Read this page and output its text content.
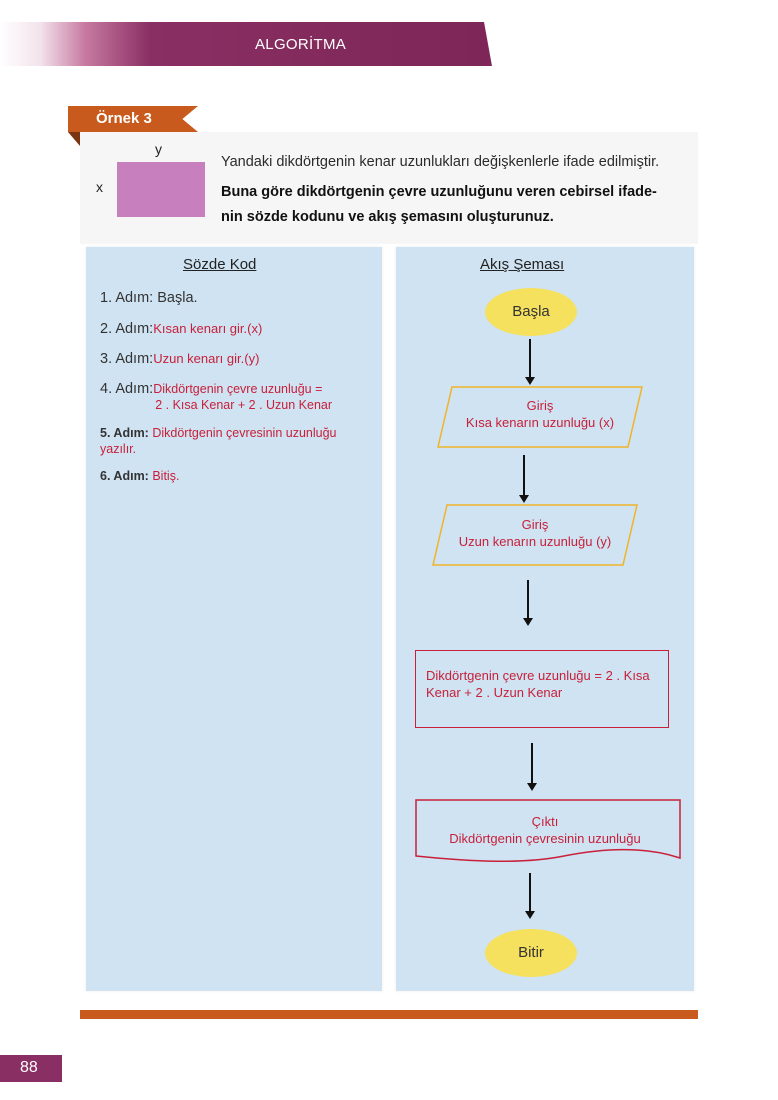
ALGORİTMA
Örnek 3
y
x
Yandaki dikdörtgenin kenar uzunlukları değişkenlerle ifade edilmiştir.
Buna göre dikdörtgenin çevre uzunluğunu veren cebirsel ifade-
nin sözde kodunu ve akış şemasını oluşturunuz.
Sözde Kod	Akış Şeması
1. Adım: Başla.
2. Adım:Kısan kenarı gir.(x)
3. Adım:Uzun kenarı gir.(y)
4. Adım:Dikdörtgenin çevre uzunluğu =
2 . Kısa Kenar + 2 . Uzun Kenar
5. Adım: Dikdörtgenin çevresinin uzunluğu
yazılır.
6. Adım: Bitiş.
Başla
Giriş
Kısa kenarın uzunluğu (x)
Giriş
Uzun kenarın uzunluğu (y)
Dikdörtgenin çevre uzunluğu = 2 . Kısa Kenar + 2 . Uzun Kenar
Çıktı
Dikdörtgenin çevresinin uzunluğu
Bitir
88
